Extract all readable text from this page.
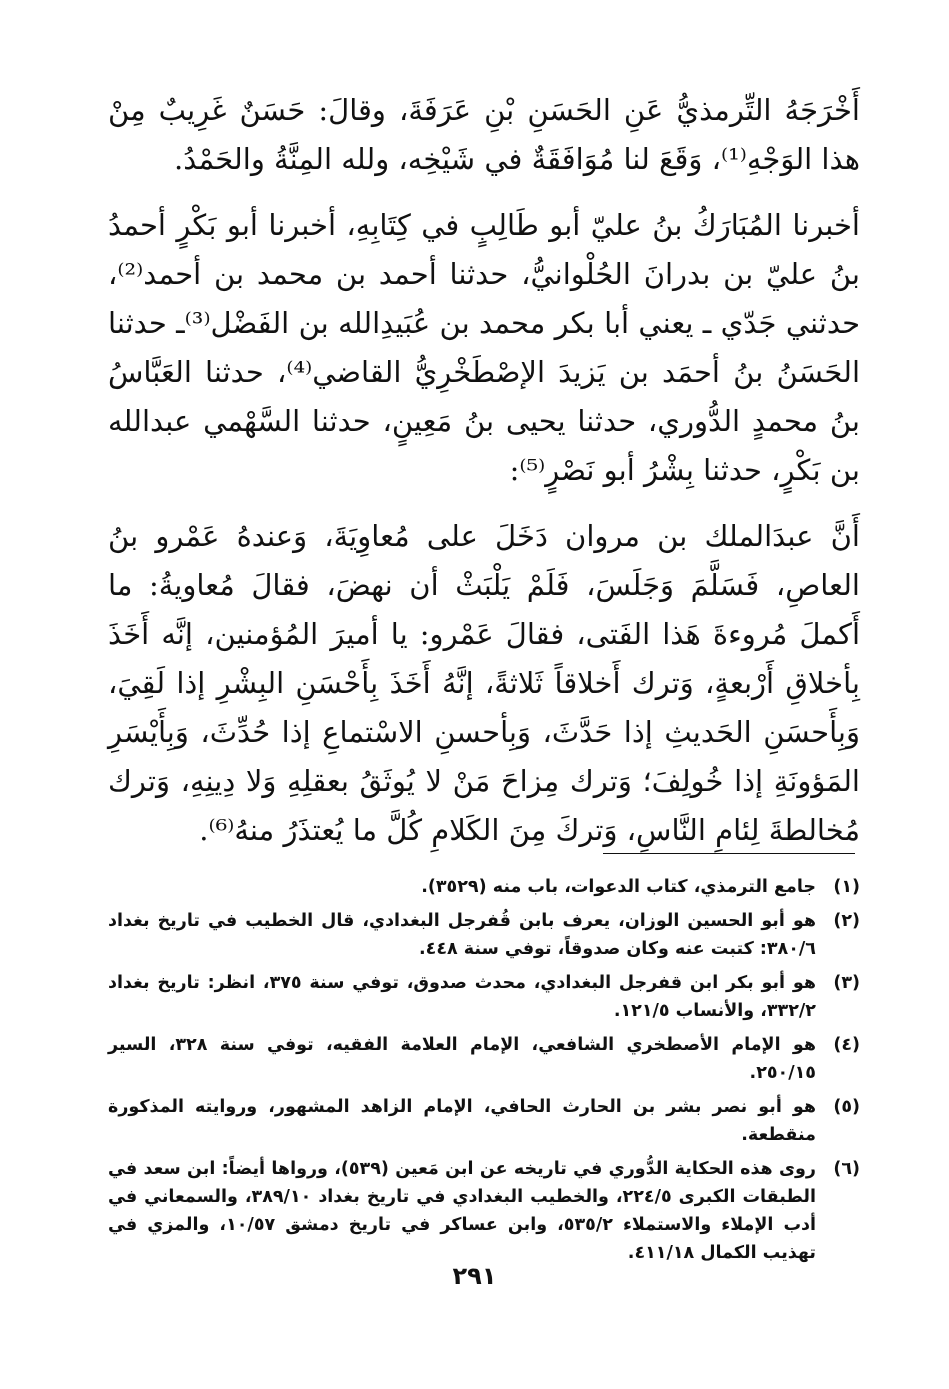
أَخْرَجَهُ التِّرمذيُّ عَنِ الحَسَنِ بْنِ عَرَفَةَ، وقالَ: حَسَنٌ غَرِيبٌ مِنْ هذا الوَجْهِ⁽¹⁾، وَقَعَ لنا مُوَافَقَةٌ في شَيْخِه، ولله المِنَّةُ والحَمْدُ.

أخبرنا المُبَارَكُ بنُ عليّ أبو طَالِبٍ في كِتَابِهِ، أخبرنا أبو بَكْرٍ أحمدُ بنُ عليّ بن بدرانَ الحُلْوانيُّ، حدثنا أحمد بن محمد بن أحمد⁽²⁾، حدثني جَدّي ـ يعني أبا بكر محمد بن عُبَيدِالله بن الفَضْل⁽³⁾ـ حدثنا الحَسَنُ بنُ أحمَد بن يَزيدَ الإصْطَخْرِيُّ القاضي⁽⁴⁾، حدثنا العَبَّاسُ بنُ محمدٍ الدُّوري، حدثنا يحيى بنُ مَعِينٍ، حدثنا السَّهْمي عبدالله بن بَكْرٍ، حدثنا بِشْرُ أبو نَصْرٍ⁽⁵⁾:

أَنَّ عبدَالملك بن مروان دَخَلَ على مُعاوِيَةَ، وَعندهُ عَمْرو بنُ العاصِ، فَسَلَّمَ وَجَلَسَ، فَلَمْ يَلْبَثْ أن نهضَ، فقالَ مُعاويةُ: ما أَكملَ مُروءةَ هَذا الفَتى، فقالَ عَمْرو: يا أميرَ المُؤمنين، إنَّه أَخَذَ بِأخلاقِ أَرْبعةٍ، وَترك أَخلاقاً ثَلاثةً، إنَّهُ أَخَذَ بِأَحْسَنِ البِشْرِ إذا لَقِيَ، وَبِأَحسَنِ الحَديثِ إذا حَدَّثَ، وَبِأحسنِ الاسْتماعِ إذا حُدِّثَ، وَبِأَيْسَرِ المَؤونَةِ إذا خُولِفَ؛ وَترك مِزاحَ مَنْ لا يُوثَقُ بعقلِهِ وَلا دِينِهِ، وَترك مُخالطةَ لِئامِ النَّاسِ، وَتركَ مِنَ الكَلامِ كُلَّ ما يُعتذَرُ منهُ⁽⁶⁾.

(١)
جامع الترمذي، كتاب الدعوات، باب منه (٣٥٢٩).
(٢)
هو أبو الحسين الوزان، يعرف بابن قُفرجل البغدادي، قال الخطيب في تاريخ بغداد ٣٨٠/٦: كتبت عنه وكان صدوقاً، توفي سنة ٤٤٨.
(٣)
هو أبو بكر ابن قفرجل البغدادي، محدث صدوق، توفي سنة ٣٧٥، انظر: تاريخ بغداد ٣٣٢/٢، والأنساب ١٢١/٥.
(٤)
هو الإمام الأصطخري الشافعي، الإمام العلامة الفقيه، توفي سنة ٣٢٨، السير ٢٥٠/١٥.
(٥)
هو أبو نصر بشر بن الحارث الحافي، الإمام الزاهد المشهور، وروايته المذكورة منقطعة.
(٦)
روى هذه الحكاية الدُّوري في تاريخه عن ابن مَعين (٥٣٩)، ورواها أيضاً: ابن سعد في الطبقات الكبرى ٢٢٤/٥، والخطيب البغدادي في تاريخ بغداد ٣٨٩/١٠، والسمعاني في أدب الإملاء والاستملاء ٥٣٥/٢، وابن عساكر في تاريخ دمشق ١٠/٥٧، والمزي في تهذيب الكمال ٤١١/١٨.
٢٩١
